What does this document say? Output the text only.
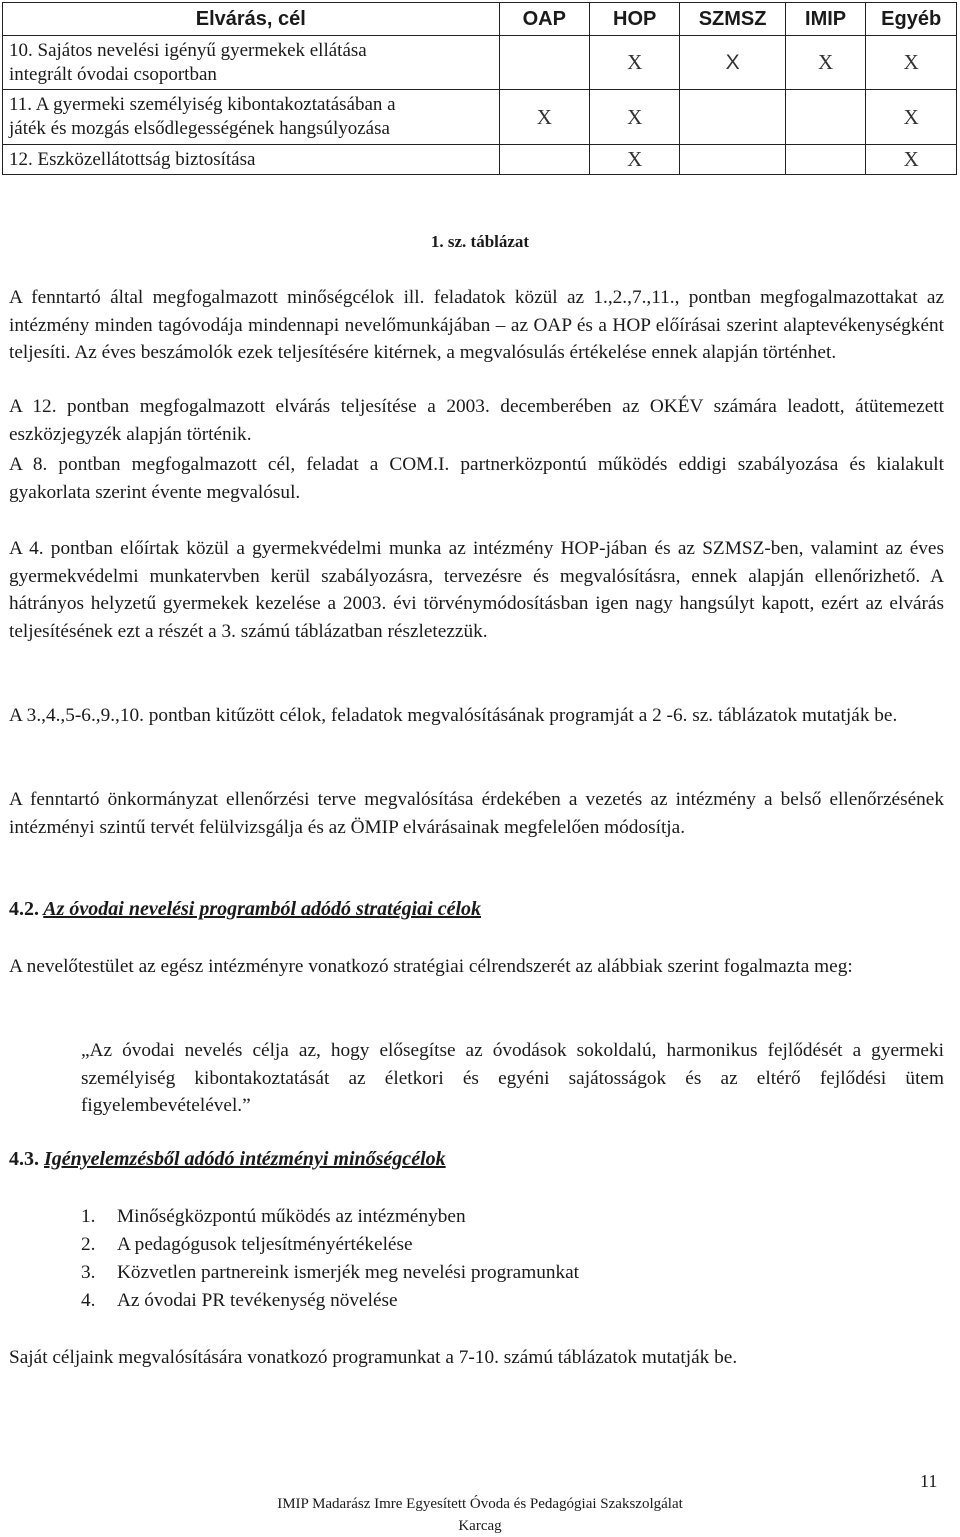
Elvárás, cél	OAP	HOP	SZMSZ	IMIP	Egyéb
10. Sajátos nevelési igényű gyermekek ellátása
integrált óvodai csoportban		X	X	X	X
11. A gyermeki személyiség kibontakoztatásában a
játék és mozgás elsődlegességének hangsúlyozása	X	X			X
12. Eszközellátottság biztosítása		X			X
1. sz. táblázat

A fenntartó által megfogalmazott minőségcélok ill. feladatok közül az 1.,2.,7.,11., pontban megfogalmazottakat az intézmény minden tagóvodája mindennapi nevelőmunkájában – az OAP és a HOP előírásai szerint alaptevékenységként teljesíti. Az éves beszámolók ezek teljesítésére kitérnek, a megvalósulás értékelése ennek alapján történhet.

A 12. pontban megfogalmazott elvárás teljesítése a 2003. decemberében az OKÉV számára leadott, átütemezett eszközjegyzék alapján történik.

A 8. pontban megfogalmazott cél, feladat a COM.I. partnerközpontú működés eddigi szabályozása és kialakult gyakorlata szerint évente megvalósul.

A 4. pontban előírtak közül a gyermekvédelmi munka az intézmény HOP-jában és az SZMSZ-ben, valamint az éves gyermekvédelmi munkatervben kerül szabályozásra, tervezésre és megvalósításra, ennek alapján ellenőrizhető. A hátrányos helyzetű gyermekek kezelése a 2003. évi törvénymódosításban igen nagy hangsúlyt kapott, ezért az elvárás teljesítésének ezt a részét a 3. számú táblázatban részletezzük.

A 3.,4.,5-6.,9.,10. pontban kitűzött célok, feladatok megvalósításának programját a 2 -6. sz. táblázatok mutatják be.

A fenntartó önkormányzat ellenőrzési terve megvalósítása érdekében a vezetés az intézmény a belső ellenőrzésének intézményi szintű tervét felülvizsgálja és az ÖMIP elvárásainak megfelelően módosítja.

4.2. Az óvodai nevelési programból adódó stratégiai célok

A nevelőtestület az egész intézményre vonatkozó stratégiai célrendszerét az alábbiak szerint fogalmazta meg:

„Az óvodai nevelés célja az, hogy elősegítse az óvodások sokoldalú, harmonikus fejlődését a gyermeki személyiség kibontakoztatását az életkori és egyéni sajátosságok és az eltérő fejlődési ütem figyelembevételével.”

4.3. Igényelemzésből adódó intézményi minőségcélok
1.	Minőségközpontú működés az intézményben
2.	A pedagógusok teljesítményértékelése
3.	Közvetlen partnereink ismerjék meg nevelési programunkat
4.	Az óvodai PR tevékenység növelése

Saját céljaink megvalósítására vonatkozó programunkat a 7-10. számú táblázatok mutatják be.

11
IMIP Madarász Imre Egyesített Óvoda és Pedagógiai Szakszolgálat
Karcag
